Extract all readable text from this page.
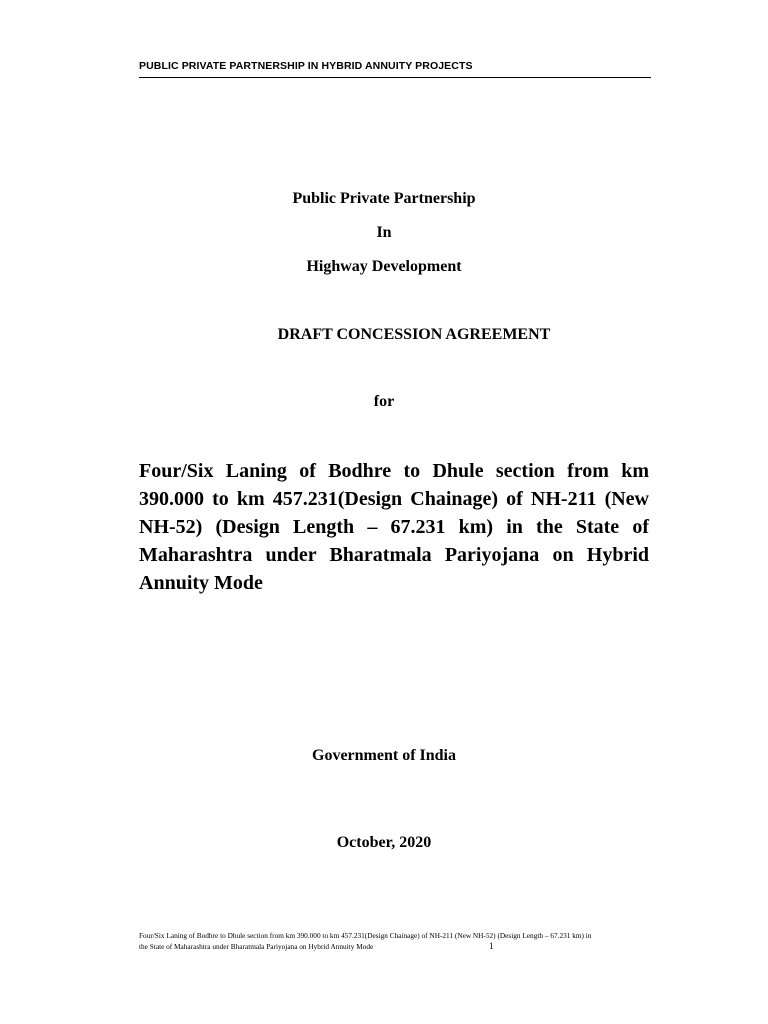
PUBLIC PRIVATE PARTNERSHIP IN HYBRID ANNUITY PROJECTS
Public Private Partnership
In
Highway Development
DRAFT CONCESSION AGREEMENT
for
Four/Six Laning of Bodhre to Dhule section from km 390.000 to km 457.231(Design Chainage) of NH-211 (New NH-52) (Design Length – 67.231 km) in the State of Maharashtra under Bharatmala Pariyojana on Hybrid Annuity Mode
Government of India
October, 2020
Four/Six Laning of Bodhre to Dhule section from km 390.000 to km 457.231(Design Chainage) of NH-211 (New NH-52) (Design Length – 67.231 km) in
the State of Maharashtra under Bharatmala Pariyojana on Hybrid Annuity Mode	1
